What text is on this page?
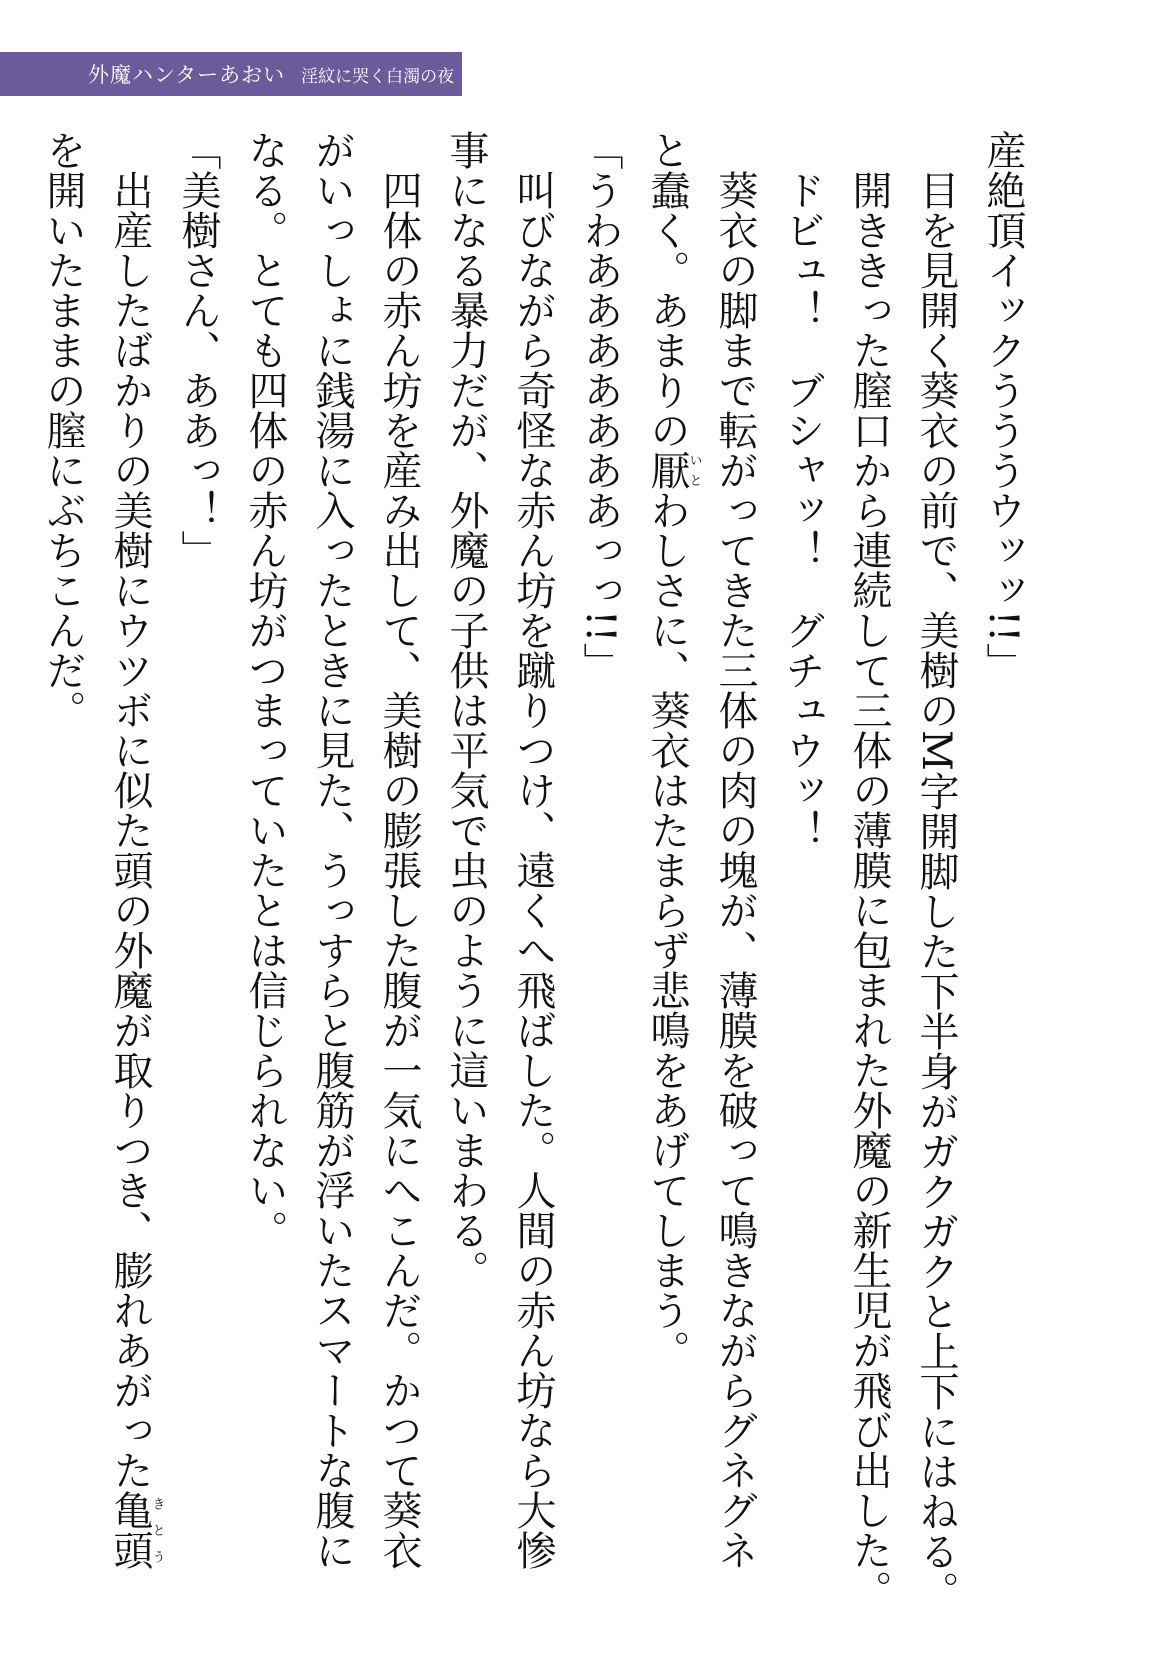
外魔ハンターあおい 淫紋に哭く白濁の夜

産絶頂イックうううウッッ!!」

目を見開く葵衣の前で、美樹のM字開脚した下半身がガクガクと上下にはねる。

開ききった膣口から連続して三体の薄膜に包まれた外魔の新生児が飛び出した。

ドビュ！　ブシャッ！　グチュウッ！

葵衣の脚まで転がってきた三体の肉の塊が、薄膜を破って鳴きながらグネグネ

と蠢く。あまりの厭いとわしさに、葵衣はたまらず悲鳴をあげてしまう。

「うわあああああああっっ!!」

叫びながら奇怪な赤ん坊を蹴りつけ、遠くへ飛ばした。人間の赤ん坊なら大惨

事になる暴力だが、外魔の子供は平気で虫のように這いまわる。

四体の赤ん坊を産み出して、美樹の膨張した腹が一気にへこんだ。かつて葵衣

がいっしょに銭湯に入ったときに見た、うっすらと腹筋が浮いたスマートな腹に

なる。とても四体の赤ん坊がつまっていたとは信じられない。

「美樹さん、ああっ！」

出産したばかりの美樹にウツボに似た頭の外魔が取りつき、膨れあがった亀頭きとう

を開いたままの膣にぶちこんだ。
